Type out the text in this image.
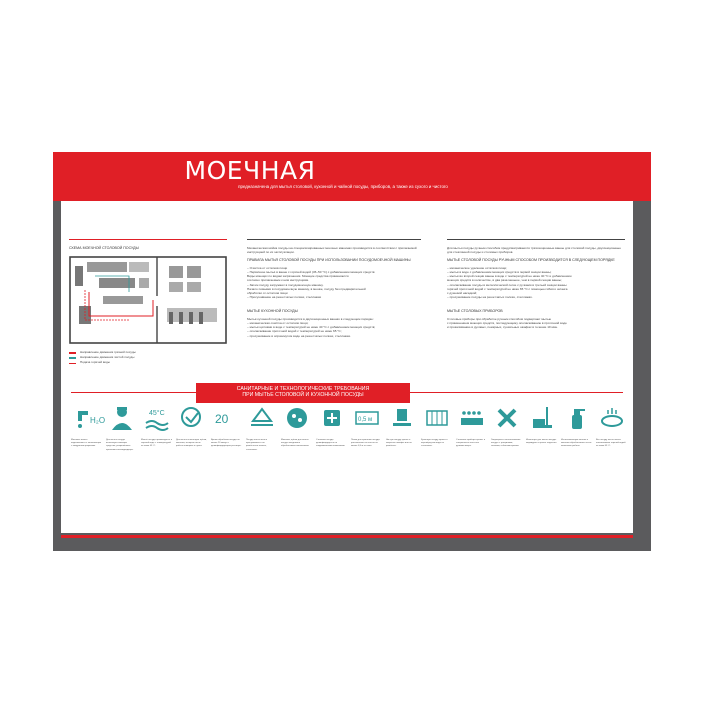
МОЕЧНАЯ
предназначена для мытья столовой, кухонной и чайной посуды, приборов, а также из сухого и чистого
СХЕМА МОЕЧНОЙ СТОЛОВОЙ ПОСУДЫ
Направление движения грязной посуды
Направление движения чистой посуды
Подача горячей воды
Механическая мойка посуды на специализированных моечных машинах производится в соответствии с прилагаемой инструкцией по их эксплуатации.
ПРАВИЛА МЫТЬЯ СТОЛОВОЙ ПОСУДЫ ПРИ ИСПОЛЬЗОВАНИИ ПОСУДОМОЕЧНОЙ МАШИНЫ
– Очистка от остатков пищи
– Первичное мытьё в ванне с горячей водой (45–50 °С) с добавлением моющих средств
Виды моющих по видам загрязнения. Моющие средства применяются
согласно прилагаемым к ним инструкциям.
– Затем посуду загружают в посудомоечную машину.
Начало помывки в посудомоечную машину, в мешке, посуду без предварительной
обработки от остатков пищи
– Просушивание на решетчатых полках, стеллажах
МЫТЬЕ КУХОННОЙ ПОСУДЫ
Мытьё кухонной посуды производится в двухсекционных ваннах в следующем порядке:
– механическая очистка от остатков пищи;
– мытьё щётками в воде с температурой не ниже 40 °С с добавлением моющих средств;
– ополаскивание проточной водой с температурой не ниже 65 °С;
– просушивание в опрокинутом виде на решетчатых полках, стеллажах.
Для мытья посуды ручным способом предусматриваются трёхсекционные ванны для столовой посуды, двухсекционные для стеклянной посуды и столовых приборов.
МЫТЬЕ СТОЛОВОЙ ПОСУДЫ РУЧНЫМ СПОСОБОМ ПРОИЗВОДИТСЯ В СЛЕДУЮЩЕМ ПОРЯДКЕ
– механическое удаление остатков пищи;
– мытьё в воде с добавлением моющих средств в первой секции ванны;
– мытьё во второй секции ванны в воде с температурой не ниже 40 °С и добавлением
моющих средств в количестве, в два раза меньше, чем в первой секции ванны;
– ополаскивание посуды в металлической сетке с ручками в третьей секции ванны
горячей проточной водой с температурой не ниже 65 °С с помощью гибкого шланга
с душевой насадкой;
– просушивание посуды на решетчатых полках, стеллажах.
МЫТЬЕ СТОЛОВЫХ ПРИБОРОВ
Столовые приборы при обработке ручным способом подвергают мытью
с применением моющих средств, последующему ополаскиванию в проточной воде
и прокаливанию в духовых, пекарных, сушильных шкафах в течение 10 мин.
САНИТАРНЫЕ И ТЕХНОЛОГИЧЕСКИЕ ТРЕБОВАНИЯ
ПРИ МЫТЬЕ СТОЛОВОЙ И КУХОННОЙ ПОСУДЫ
H₂O
Моечные ванны подключаются к канализации с воздушным разрывом.
Для мытья посуды используют моющие средства, разрешённые органами санэпиднадзора.
45°C
Мытьё посуды производится в горячей воде с температурой не ниже 45 °С.
Для мытья используют щётки, мочалки, которые после работы очищают и сушат.
20
Время обработки посуды не менее 20 минут в дезинфицирующем растворе.
Посуда после мытья просушивается на решётчатых полках, стеллажах.
Мочалки, щётки для мытья посуды ежедневно обрабатывают кипячением.
Столовая посуда дезинфицируется по эпидемическим показаниям.
0,5 м
Полки для хранения посуды располагают на высоте не менее 0,5 м от пола.
Чистую посуду хранят в закрытых шкафах или на решётках.
Кухонную посуду хранят в перевёрнутом виде на стеллажах.
Столовые приборы хранят в специальных кассетах ручками вверх.
Запрещается использование посуды с трещинами, сколами, отбитыми краями.
Инвентарь для мытья посуды маркируют и хранят отдельно.
Использованную ветошь и мочалки обрабатывают после окончания работы.
Все посуду после мытья ополаскивают горячей водой не ниже 65 °С.
